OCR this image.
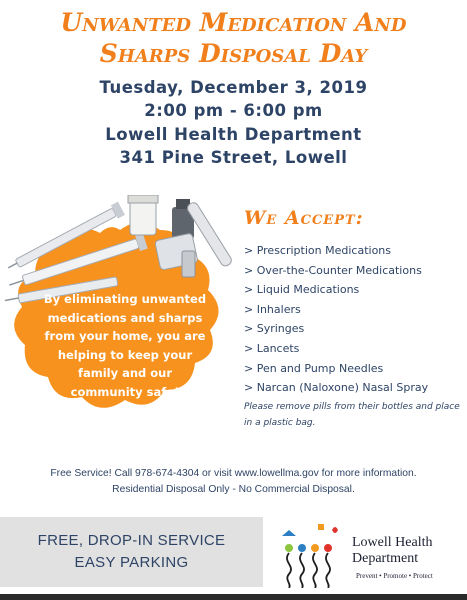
Unwanted Medication And
Sharps Disposal Day
Tuesday, December 3, 2019
2:00 pm - 6:00 pm
Lowell Health Department
341 Pine Street, Lowell
By eliminating unwanted medications and sharps from your home, you are helping to keep your family and our community safe!
We Accept:
> Prescription Medications
> Over-the-Counter Medications
> Liquid Medications
> Inhalers
> Syringes
> Lancets
> Pen and Pump Needles
> Narcan (Naloxone) Nasal Spray
Please remove pills from their bottles and place in a plastic bag.
Free Service! Call 978-674-4304 or visit www.lowellma.gov for more information.
Residential Disposal Only - No Commercial Disposal.
FREE, DROP-IN SERVICE
EASY PARKING
Lowell Health
Department
Prevent • Promote • Protect
